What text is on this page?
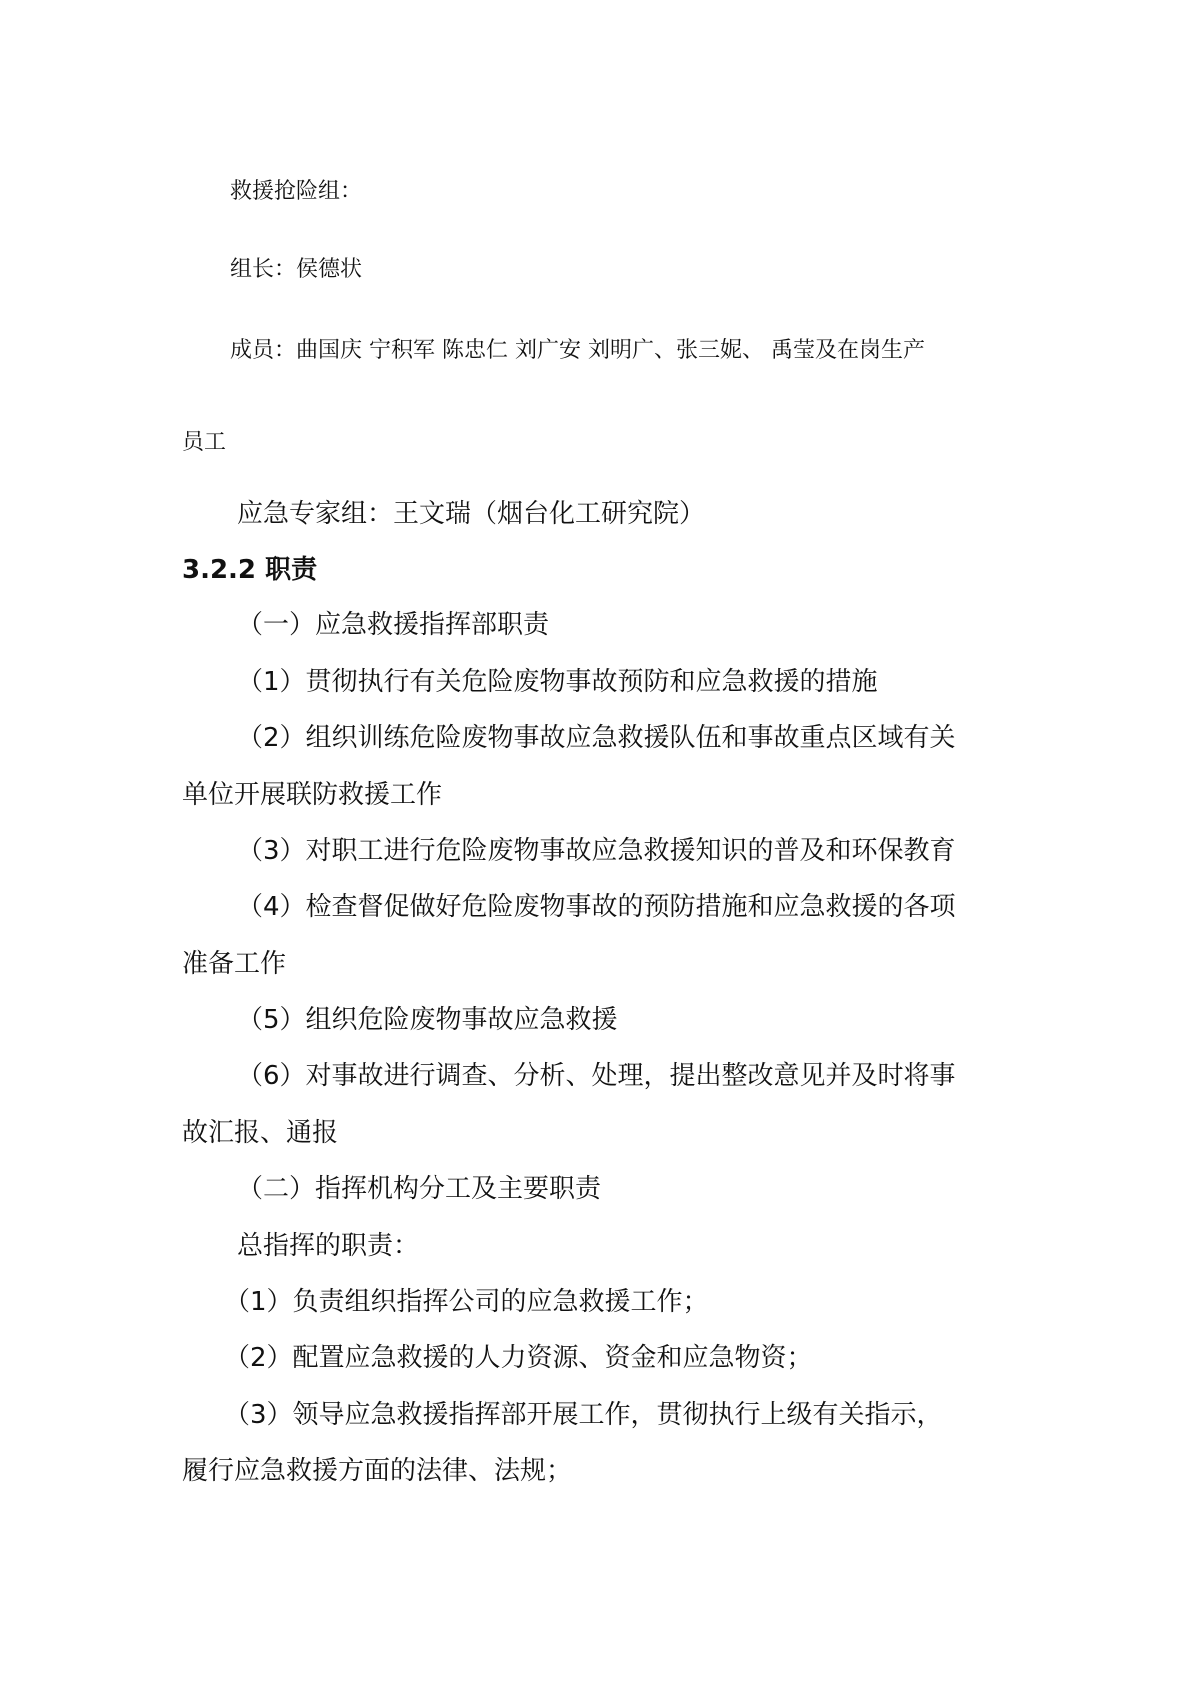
救援抢险组：
组长：侯德状
成员：曲国庆 宁积军 陈忠仁 刘广安 刘明广、张三妮、 禹莹及在岗生产
员工
应急专家组：王文瑞（烟台化工研究院）
3.2.2 职责
（一）应急救援指挥部职责
（1）贯彻执行有关危险废物事故预防和应急救援的措施
（2）组织训练危险废物事故应急救援队伍和事故重点区域有关
单位开展联防救援工作
（3）对职工进行危险废物事故应急救援知识的普及和环保教育
（4）检查督促做好危险废物事故的预防措施和应急救援的各项
准备工作
（5）组织危险废物事故应急救援
（6）对事故进行调查、分析、处理，提出整改意见并及时将事
故汇报、通报
（二）指挥机构分工及主要职责
总指挥的职责：
（1）负责组织指挥公司的应急救援工作；
（2）配置应急救援的人力资源、资金和应急物资；
（3）领导应急救援指挥部开展工作，贯彻执行上级有关指示，
履行应急救援方面的法律、法规；
